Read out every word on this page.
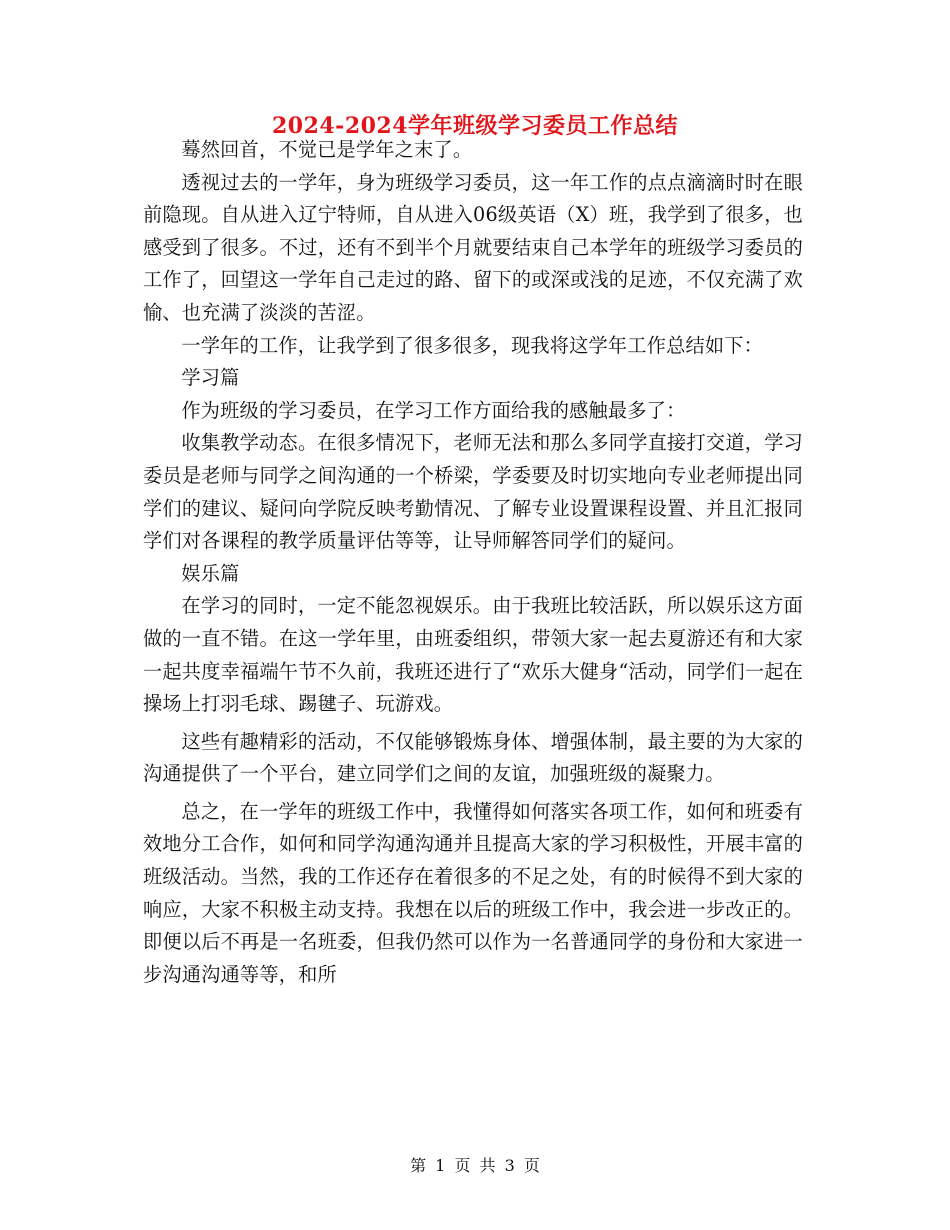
2024-2024学年班级学习委员工作总结

蓦然回首，不觉已是学年之末了。

透视过去的一学年，身为班级学习委员，这一年工作的点点滴滴时时在眼前隐现。自从进入辽宁特师，自从进入06级英语（X）班，我学到了很多，也感受到了很多。不过，还有不到半个月就要结束自己本学年的班级学习委员的工作了，回望这一学年自己走过的路、留下的或深或浅的足迹，不仅充满了欢愉、也充满了淡淡的苦涩。

一学年的工作，让我学到了很多很多，现我将这学年工作总结如下：

学习篇

作为班级的学习委员，在学习工作方面给我的感触最多了：

收集教学动态。在很多情况下，老师无法和那么多同学直接打交道，学习委员是老师与同学之间沟通的一个桥梁，学委要及时切实地向专业老师提出同学们的建议、疑问向学院反映考勤情况、了解专业设置课程设置、并且汇报同学们对各课程的教学质量评估等等，让导师解答同学们的疑问。

娱乐篇

在学习的同时，一定不能忽视娱乐。由于我班比较活跃，所以娱乐这方面做的一直不错。在这一学年里，由班委组织，带领大家一起去夏游还有和大家一起共度幸福端午节不久前，我班还进行了“欢乐大健身“活动，同学们一起在操场上打羽毛球、踢毽子、玩游戏。

这些有趣精彩的活动，不仅能够锻炼身体、增强体制，最主要的为大家的沟通提供了一个平台，建立同学们之间的友谊，加强班级的凝聚力。

总之，在一学年的班级工作中，我懂得如何落实各项工作，如何和班委有效地分工合作，如何和同学沟通沟通并且提高大家的学习积极性，开展丰富的班级活动。当然，我的工作还存在着很多的不足之处，有的时候得不到大家的响应，大家不积极主动支持。我想在以后的班级工作中，我会进一步改正的。即便以后不再是一名班委，但我仍然可以作为一名普通同学的身份和大家进一步沟通沟通等等，和所

第 1 页 共 3 页
